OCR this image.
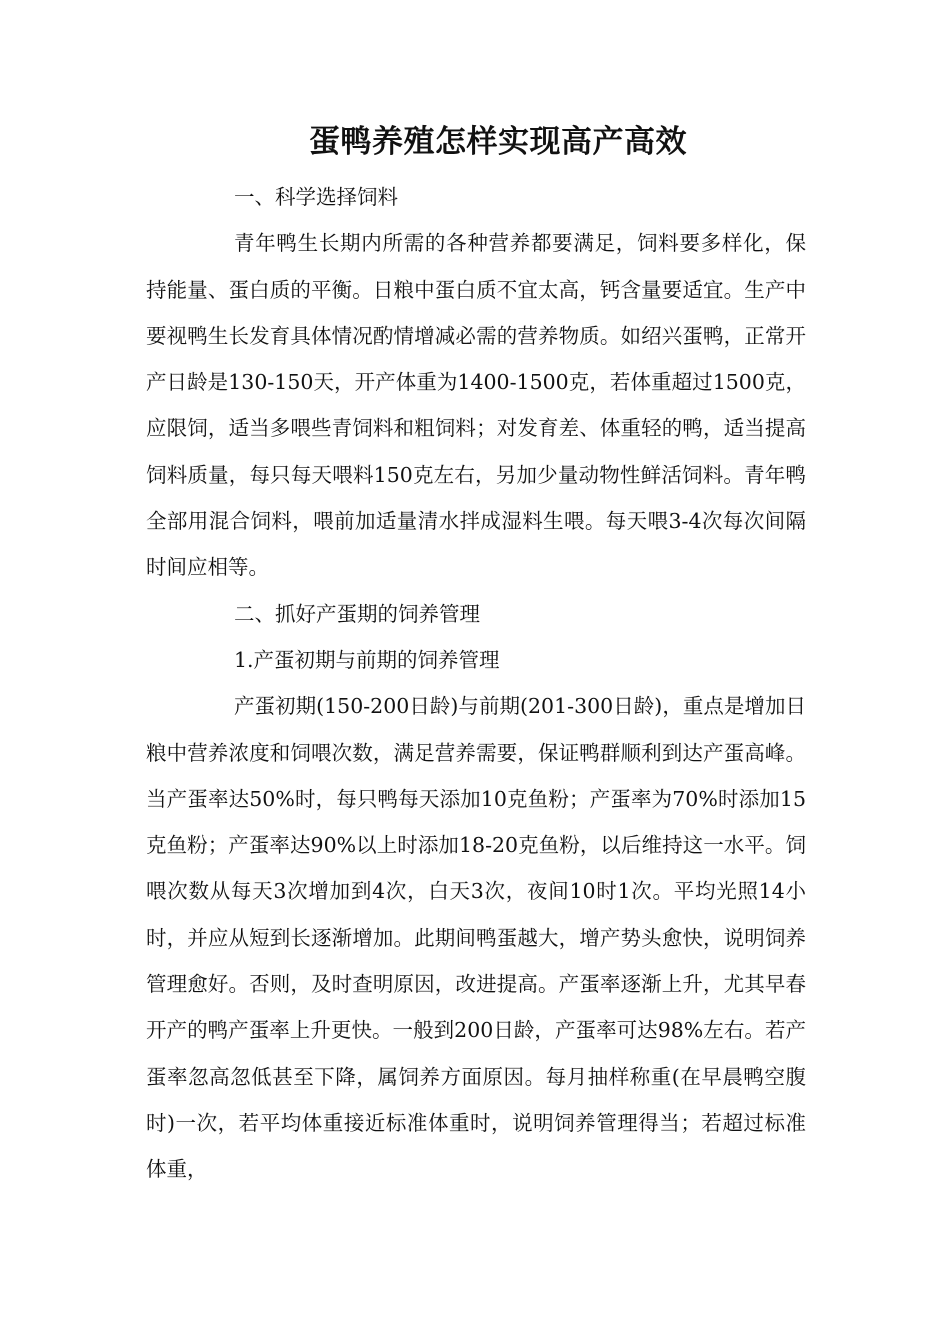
蛋鸭养殖怎样实现高产高效

一、科学选择饲料

青年鸭生长期内所需的各种营养都要满足，饲料要多样化，保持能量、蛋白质的平衡。日粮中蛋白质不宜太高，钙含量要适宜。生产中要视鸭生长发育具体情况酌情增减必需的营养物质。如绍兴蛋鸭，正常开产日龄是130-150天，开产体重为1400-1500克，若体重超过1500克，应限饲，适当多喂些青饲料和粗饲料；对发育差、体重轻的鸭，适当提高饲料质量，每只每天喂料150克左右，另加少量动物性鲜活饲料。青年鸭全部用混合饲料，喂前加适量清水拌成湿料生喂。每天喂3-4次每次间隔时间应相等。

二、抓好产蛋期的饲养管理

1.产蛋初期与前期的饲养管理

产蛋初期(150-200日龄)与前期(201-300日龄)，重点是增加日粮中营养浓度和饲喂次数，满足营养需要，保证鸭群顺利到达产蛋高峰。当产蛋率达50%时，每只鸭每天添加10克鱼粉；产蛋率为70%时添加15克鱼粉；产蛋率达90%以上时添加18-20克鱼粉，以后维持这一水平。饲喂次数从每天3次增加到4次，白天3次，夜间10时1次。平均光照14小时，并应从短到长逐渐增加。此期间鸭蛋越大，增产势头愈快，说明饲养管理愈好。否则，及时查明原因，改进提高。产蛋率逐渐上升，尤其早春开产的鸭产蛋率上升更快。一般到200日龄，产蛋率可达98%左右。若产蛋率忽高忽低甚至下降，属饲养方面原因。每月抽样称重(在早晨鸭空腹时)一次，若平均体重接近标准体重时，说明饲养管理得当；若超过标准体重，
